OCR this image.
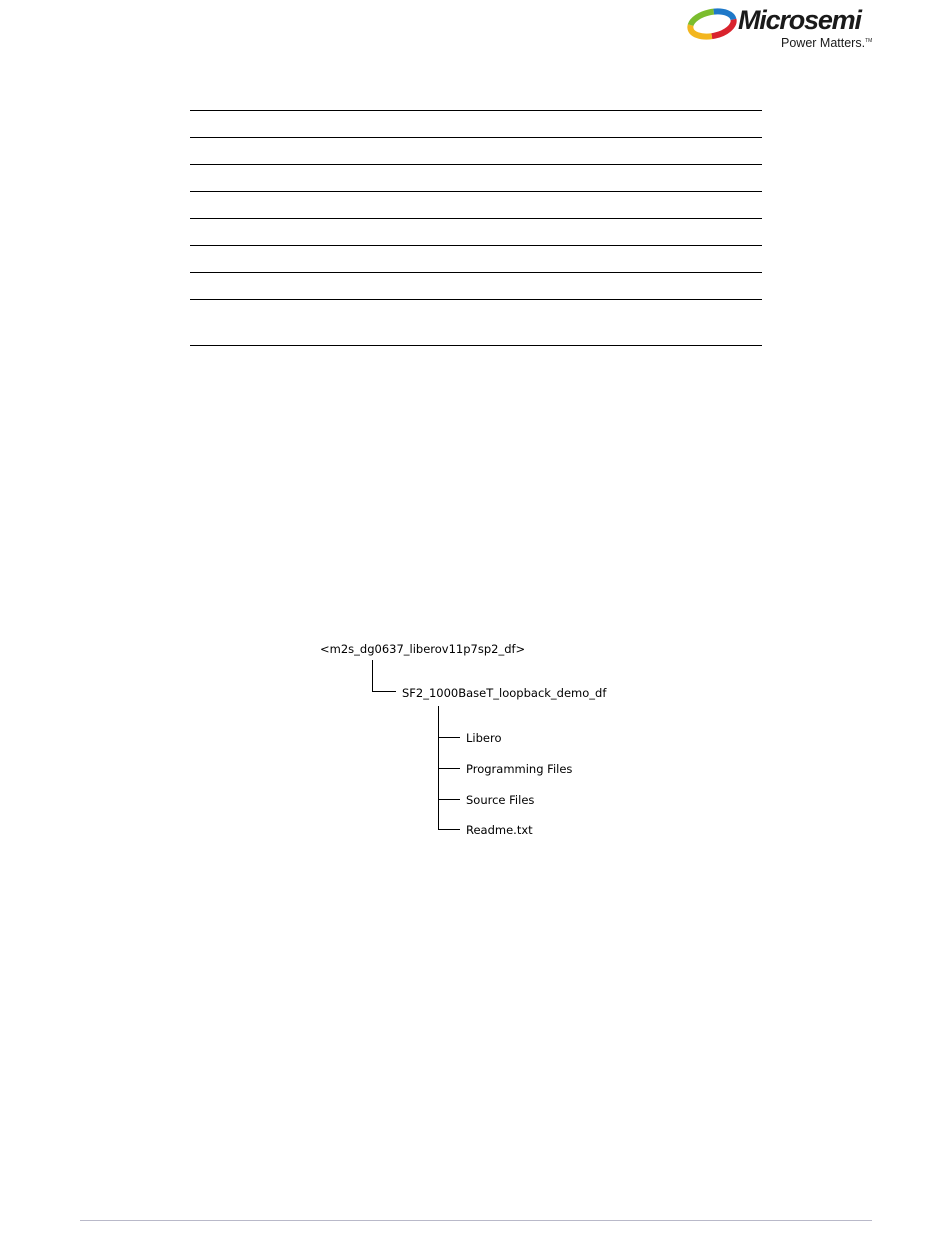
Microsemi
Power Matters.™
<m2s_dg0637_liberov11p7sp2_df>
SF2_1000BaseT_loopback_demo_df
Libero
Programming Files
Source Files
Readme.txt
